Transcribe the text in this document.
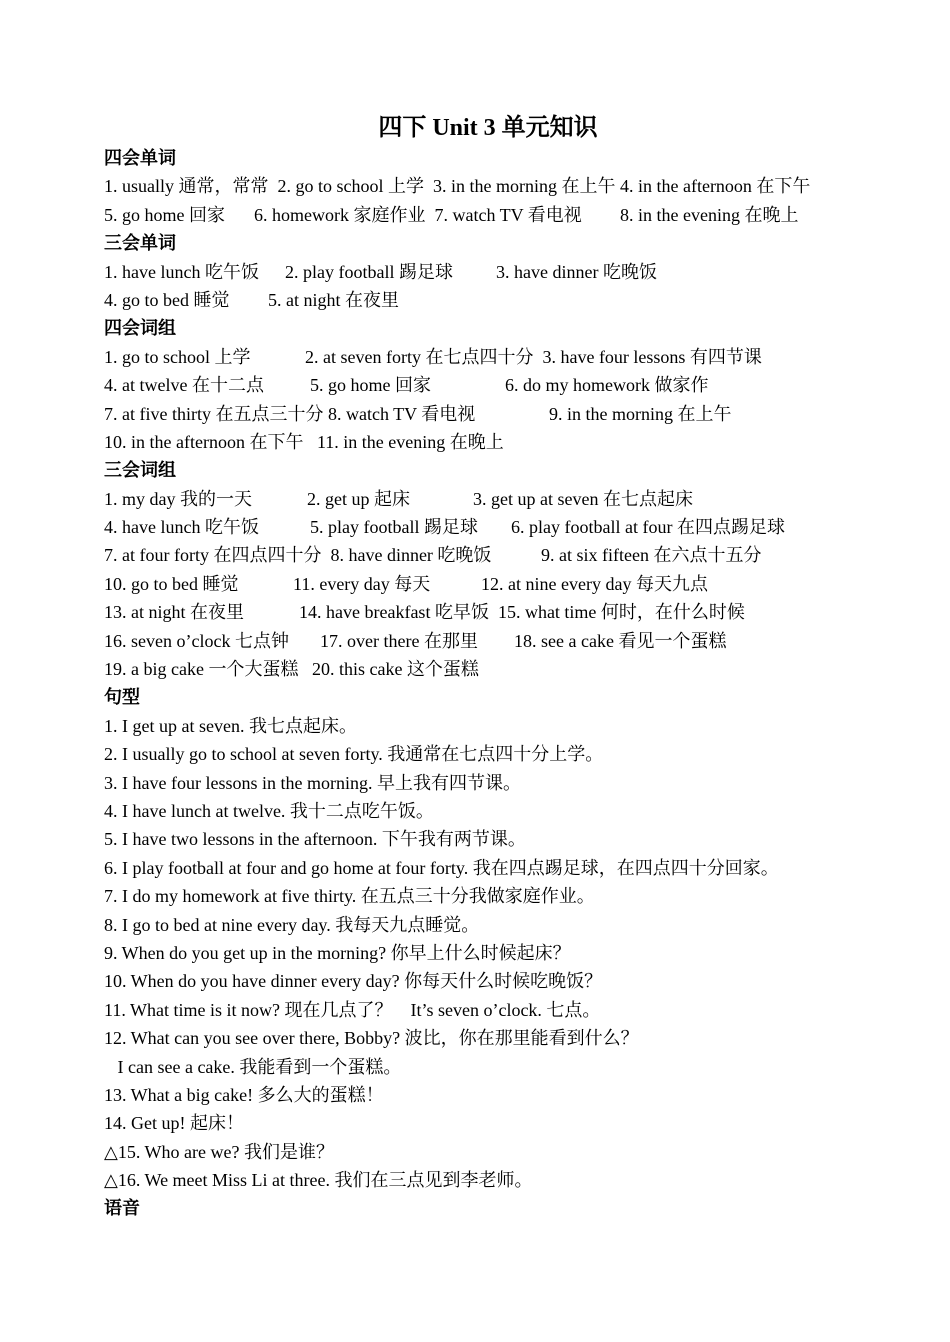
四下 Unit 3 单元知识
四会单词
1. usually 通常，常常  2. go to school 上学  3. in the morning 在上午 4. in the afternoon 在下午
5. go home 回家 6. homework 家庭作业  7. watch TV 看电视 8. in the evening 在晚上
三会单词
1. have lunch 吃午饭 2. play football 踢足球 3. have dinner 吃晚饭
4. go to bed 睡觉 5. at night 在夜里
四会词组
1. go to school 上学	2. at seven forty 在七点四十分  3. have four lessons 有四节课
4. at twelve 在十二点	5. go home 回家	6. do my homework 做家作
7. at five thirty 在五点三十分 8. watch TV 看电视	9. in the morning 在上午
10. in the afternoon 在下午   11. in the evening 在晚上
三会词组
1. my day 我的一天	2. get up 起床	3. get up at seven 在七点起床
4. have lunch 吃午饭	5. play football 踢足球 6. play football at four 在四点踢足球
7. at four forty 在四点四十分  8. have dinner 吃晚饭	9. at six fifteen 在六点十五分
10. go to bed 睡觉	11. every day 每天	12. at nine every day 每天九点
13. at night 在夜里	14. have breakfast 吃早饭  15. what time 何时，在什么时候
16. seven o’clock 七点钟 17. over there 在那里 18. see a cake 看见一个蛋糕
19. a big cake 一个大蛋糕   20. this cake 这个蛋糕
句型
1. I get up at seven. 我七点起床。
2. I usually go to school at seven forty. 我通常在七点四十分上学。
3. I have four lessons in the morning. 早上我有四节课。
4. I have lunch at twelve. 我十二点吃午饭。
5. I have two lessons in the afternoon. 下午我有两节课。
6. I play football at four and go home at four forty. 我在四点踢足球，在四点四十分回家。
7. I do my homework at five thirty. 在五点三十分我做家庭作业。
8. I go to bed at nine every day. 我每天九点睡觉。
9. When do you get up in the morning? 你早上什么时候起床？
10. When do you have dinner every day? 你每天什么时候吃晚饭？
11. What time is it now? 现在几点了？    It’s seven o’clock. 七点。
12. What can you see over there, Bobby? 波比，你在那里能看到什么？
I can see a cake. 我能看到一个蛋糕。
13. What a big cake! 多么大的蛋糕！
14. Get up! 起床！
△15. Who are we? 我们是谁？
△16. We meet Miss Li at three. 我们在三点见到李老师。
语音
